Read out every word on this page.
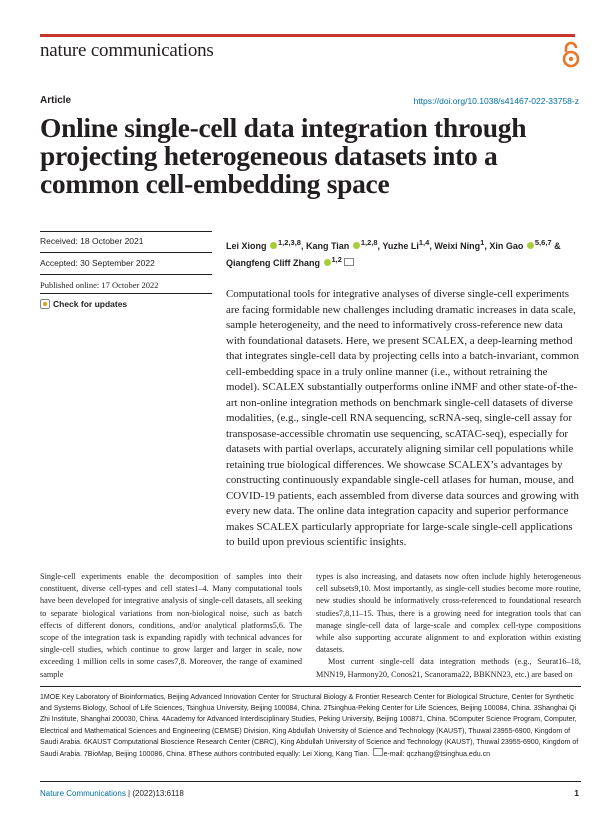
nature communications
Article	https://doi.org/10.1038/s41467-022-33758-z
Online single-cell data integration through projecting heterogeneous datasets into a common cell-embedding space
Received: 18 October 2021
Accepted: 30 September 2022
Published online: 17 October 2022
Check for updates
Lei Xiong $^{1,2,3,8}$, Kang Tian $^{1,2,8}$, Yuzhe Li$^{1,4}$, Weixi Ning$^1$, Xin Gao $^{5,6,7}$ & Qiangfeng Cliff Zhang $^{1,2}$
Computational tools for integrative analyses of diverse single-cell experiments are facing formidable new challenges including dramatic increases in data scale, sample heterogeneity, and the need to informatively cross-reference new data with foundational datasets. Here, we present SCALEX, a deep-learning method that integrates single-cell data by projecting cells into a batch-invariant, common cell-embedding space in a truly online manner (i.e., without retraining the model). SCALEX substantially outperforms online iNMF and other state-of-the-art non-online integration methods on benchmark single-cell datasets of diverse modalities, (e.g., single-cell RNA sequencing, scRNA-seq, single-cell assay for transposase-accessible chromatin use sequencing, scATAC-seq), especially for datasets with partial overlaps, accurately aligning similar cell populations while retaining true biological differences. We showcase SCALEX’s advantages by constructing continuously expandable single-cell atlases for human, mouse, and COVID-19 patients, each assembled from diverse data sources and growing with every new data. The online data integration capacity and superior performance makes SCALEX particularly appropriate for large-scale single-cell applications to build upon previous scientific insights.
Single-cell experiments enable the decomposition of samples into their constituent, diverse cell-types and cell states1–4. Many computational tools have been developed for integrative analysis of single-cell datasets, all seeking to separate biological variations from non-biological noise, such as batch effects of different donors, conditions, and/or analytical platforms5,6. The scope of the integration task is expanding rapidly with technical advances for single-cell studies, which continue to grow larger and larger in scale, now exceeding 1 million cells in some cases7,8. Moreover, the range of examined sample
types is also increasing, and datasets now often include highly heterogeneous cell subsets9,10. Most importantly, as single-cell studies become more routine, new studies should be informatively cross-referenced to foundational research studies7,8,11–15. Thus, there is a growing need for integration tools that can manage single-cell data of large-scale and complex cell-type compositions while also supporting accurate alignment to and exploration within existing datasets.
Most current single-cell data integration methods (e.g., Seurat16–18, MNN19, Harmony20, Conos21, Scanorama22, BBKNN23, etc.) are based on
1MOE Key Laboratory of Bioinformatics, Beijing Advanced Innovation Center for Structural Biology & Frontier Research Center for Biological Structure, Center for Synthetic and Systems Biology, School of Life Sciences, Tsinghua University, Beijing 100084, China. 2Tsinghua-Peking Center for Life Sciences, Beijing 100084, China. 3Shanghai Qi Zhi Institute, Shanghai 200030, China. 4Academy for Advanced Interdisciplinary Studies, Peking University, Beijing 100871, China. 5Computer Science Program, Computer, Electrical and Mathematical Sciences and Engineering (CEMSE) Division, King Abdullah University of Science and Technology (KAUST), Thuwal 23955-6900, Kingdom of Saudi Arabia. 6KAUST Computational Bioscience Research Center (CBRC), King Abdullah University of Science and Technology (KAUST), Thuwal 23955-6900, Kingdom of Saudi Arabia. 7BioMap, Beijing 100086, China. 8These authors contributed equally: Lei Xiong, Kang Tian. e-mail: qczhang@tsinghua.edu.cn
Nature Communications | (2022)13:6118	1
